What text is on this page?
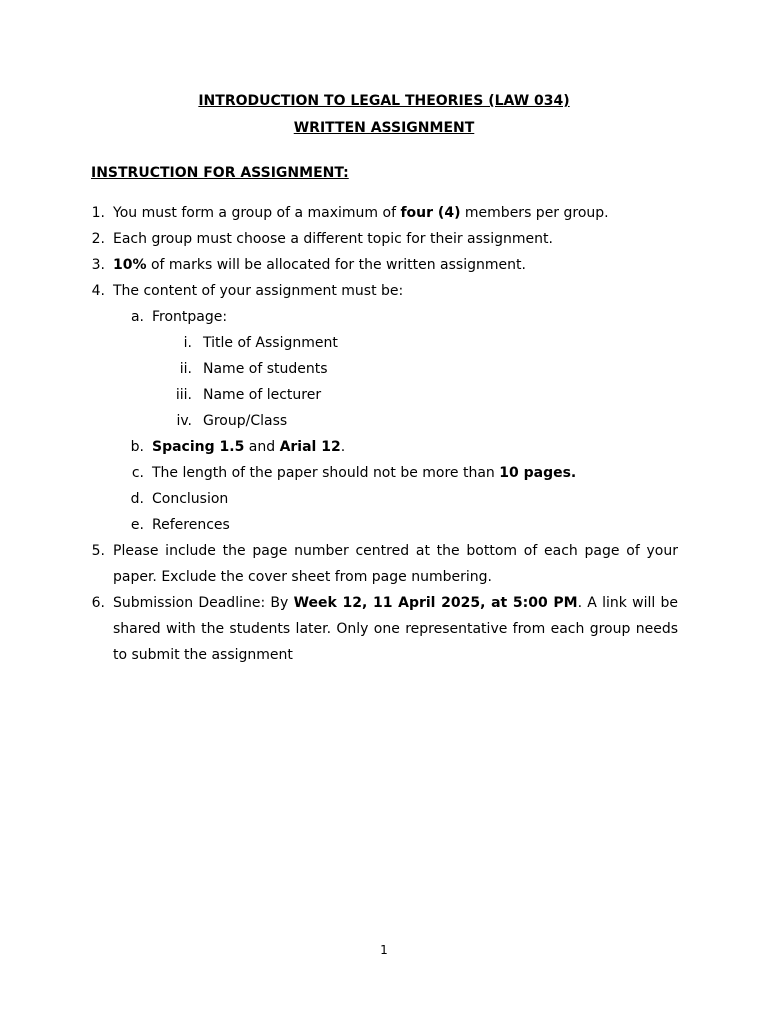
INTRODUCTION TO LEGAL THEORIES (LAW 034)
WRITTEN ASSIGNMENT
INSTRUCTION FOR ASSIGNMENT:
1. You must form a group of a maximum of four (4) members per group.
2. Each group must choose a different topic for their assignment.
3. 10% of marks will be allocated for the written assignment.
4. The content of your assignment must be:
a. Frontpage:
i. Title of Assignment
ii. Name of students
iii. Name of lecturer
iv. Group/Class
b. Spacing 1.5 and Arial 12.
c. The length of the paper should not be more than 10 pages.
d. Conclusion
e. References
5. Please include the page number centred at the bottom of each page of your
paper. Exclude the cover sheet from page numbering.
6. Submission Deadline: By Week 12, 11 April 2025, at 5:00 PM. A link will be
shared with the students later. Only one representative from each group needs
to submit the assignment
1
